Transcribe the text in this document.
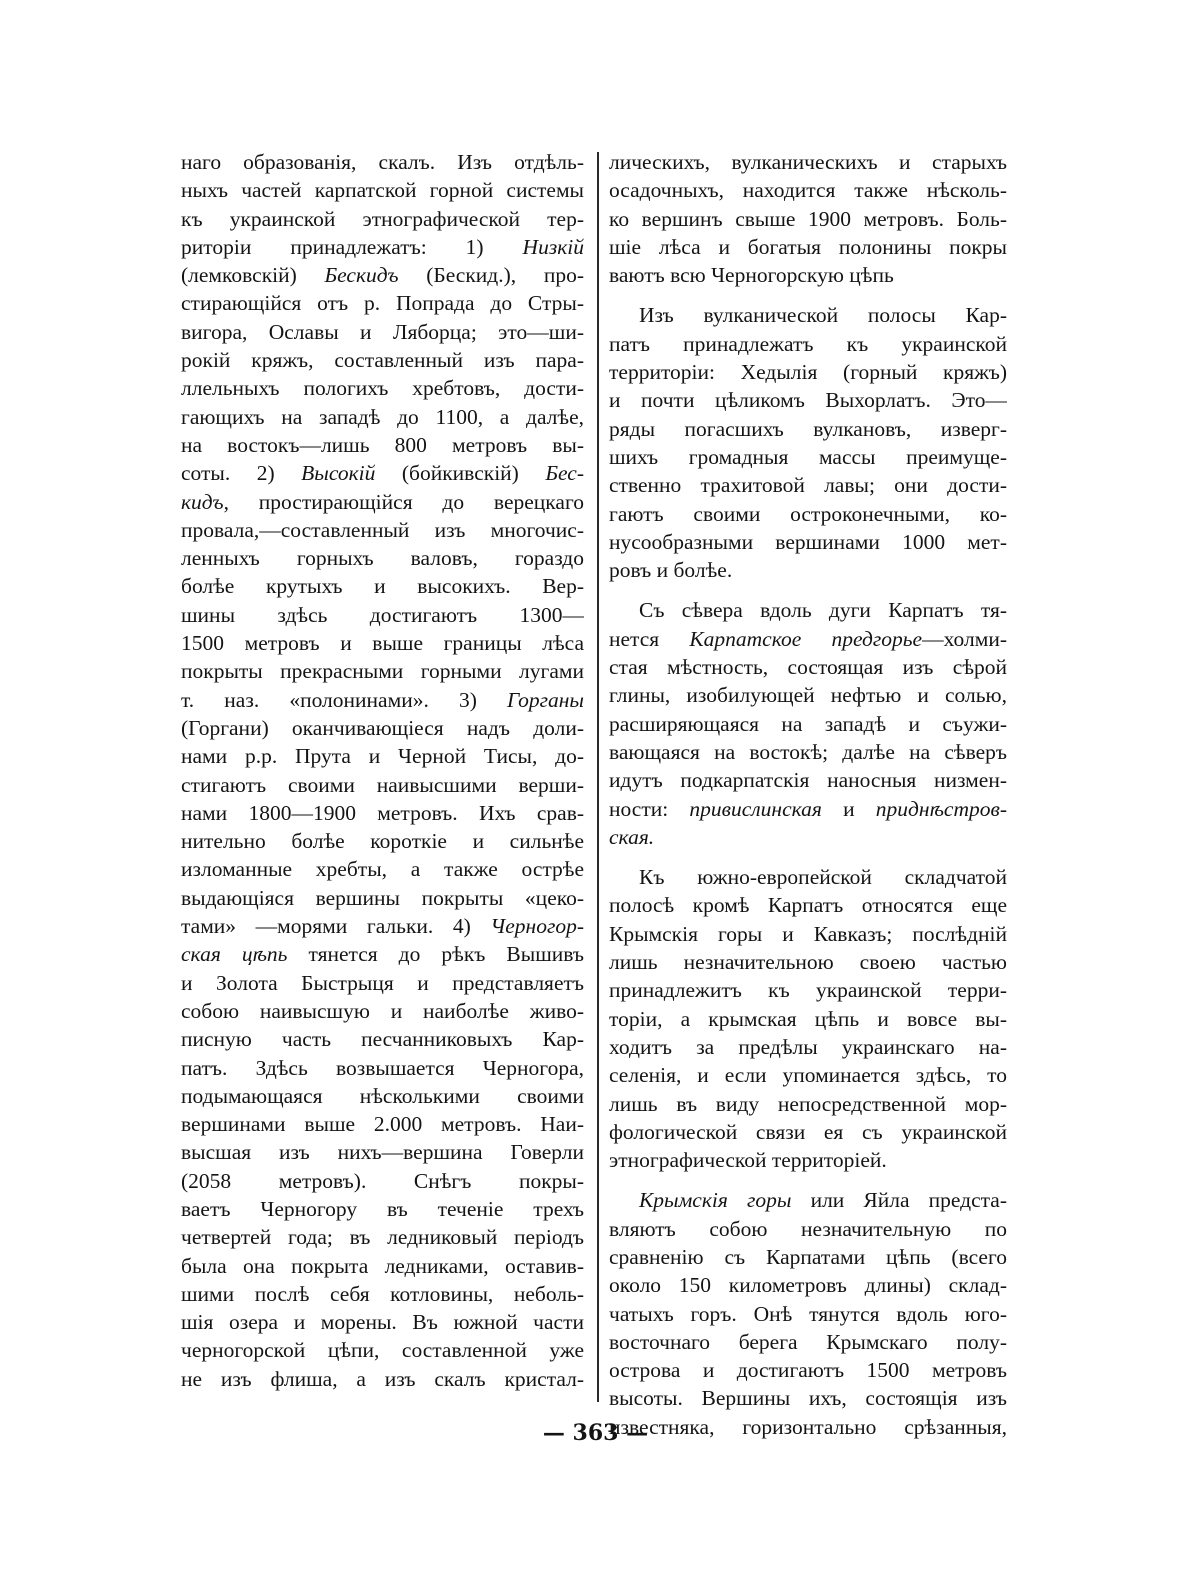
наго образованія, скалъ. Изъ отдѣль-
ныхъ частей карпатской горной системы
къ украинской этнографической тер-
риторіи принадлежатъ: 1) Низкій
(лемковскій) Бескидъ (Бескид.), про-
стирающійся отъ р. Попрада до Стры-
вигора, Ославы и Ляборца; это—ши-
рокій кряжъ, составленный изъ пара-
ллельныхъ пологихъ хребтовъ, дости-
гающихъ на западѣ до 1100, а далѣе,
на востокъ—лишь 800 метровъ вы-
соты. 2) Высокій (бойкивскій) Бес-
кидъ, простирающійся до верецкаго
провала,—составленный изъ многочис-
ленныхъ горныхъ валовъ, гораздо
болѣе крутыхъ и высокихъ. Вер-
шины здѣсь достигаютъ 1300—
1500 метровъ и выше границы лѣса
покрыты прекрасными горными лугами
т. наз. «полонинами». 3) Горганы
(Горгани) оканчивающіеся надъ доли-
нами р.р. Прута и Черной Тисы, до-
стигаютъ своими наивысшими верши-
нами 1800—1900 метровъ. Ихъ срав-
нительно болѣе короткіе и сильнѣе
изломанные хребты, а также острѣе
выдающіяся вершины покрыты «цеко-
тами» —морями гальки. 4) Черногор-
ская цѣпь тянется до рѣкъ Вышивъ
и Золота Быстрыця и представляетъ
собою наивысшую и наиболѣе живо-
писную часть песчанниковыхъ Кар-
патъ. Здѣсь возвышается Черногора,
подымающаяся нѣсколькими своими
вершинами выше 2.000 метровъ. Наи-
высшая изъ нихъ—вершина Говерли
(2058 метровъ). Снѣгъ покры-
ваетъ Черногору въ теченіе трехъ
четвертей года; въ ледниковый періодъ
была она покрыта ледниками, оставив-
шими послѣ себя котловины, неболь-
шія озера и морены. Въ южной части
черногорской цѣпи, составленной уже
не изъ флиша, а изъ скалъ кристал-
лическихъ, вулканическихъ и старыхъ
осадочныхъ, находится также нѣсколь-
ко вершинъ свыше 1900 метровъ. Боль-
шіе лѣса и богатыя полонины покры
ваютъ всю Черногорскую цѣпь
Изъ вулканической полосы Кар-
патъ принадлежатъ къ украинской
территоріи: Хедылія (горный кряжъ)
и почти цѣликомъ Выхорлатъ. Это—
ряды погасшихъ вулкановъ, изверг-
шихъ громадныя массы преимуще-
ственно трахитовой лавы; они дости-
гаютъ своими остроконечными, ко-
нусообразными вершинами 1000 мет-
ровъ и болѣе.
Съ сѣвера вдоль дуги Карпатъ тя-
нется Карпатское предгорье—холми-
стая мѣстность, состоящая изъ сѣрой
глины, изобилующей нефтью и солью,
расширяющаяся на западѣ и съужи-
вающаяся на востокѣ; далѣе на сѣверъ
идутъ подкарпатскія наносныя низмен-
ности: привислинская и приднѣстров-
ская.
Къ южно-европейской складчатой
полосѣ кромѣ Карпатъ относятся еще
Крымскія горы и Кавказъ; послѣдній
лишь незначительною своею частью
принадлежитъ къ украинской терри-
торіи, а крымская цѣпь и вовсе вы-
ходитъ за предѣлы украинскаго на-
селенія, и если упоминается здѣсь, то
лишь въ виду непосредственной мор-
фологической связи ея съ украинской
этнографической территоріей.
Крымскія горы или Яйла предста-
вляютъ собою незначительную по
сравненію съ Карпатами цѣпь (всего
около 150 километровъ длины) склад-
чатыхъ горъ. Онѣ тянутся вдоль юго-
восточнаго берега Крымскаго полу-
острова и достигаютъ 1500 метровъ
высоты. Вершины ихъ, состоящія изъ
известняка, горизонтально срѣзанныя,
— 363 —
